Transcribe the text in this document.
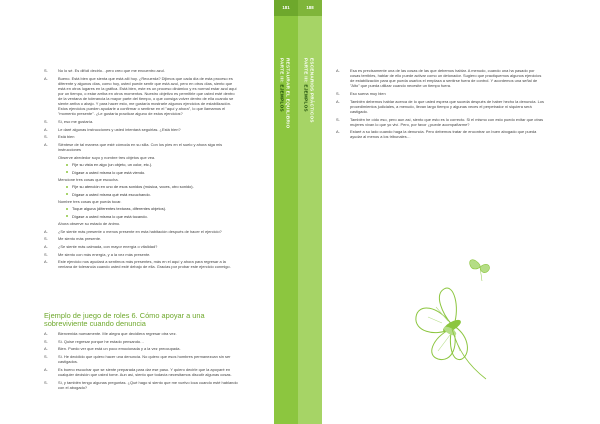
S.	No lo sé. Es difícil decirlo…pero creo que me encuentro azul.
A.	Bueno. Está bien que sienta que está allí hoy. ¿Recuerda? Dijimos que cada día de esta proceso es diferente y algunos días, como hoy, usted puede sentir que está azul, pero en otros días, siento que está en otros lugares en la gráfica. Está bien, este es un proceso dinámico y es normal estar azul aquí por un tiempo, o estar arriba en otros momentos. Nuestro objetivo es permitirle que usted esté dentro de la ventana de tolerancia la mayor parte del tiempo, o que consiga volver dentro de ella cuando se siente arriba o abajo. Y para hacer esto, me gustaría mostrarle algunos ejercicios de estabilización. Estos ejercicios pueden ayudarle a confirmar o sentirse en el "aquí y ahora", lo que llamamos el "momento presente". ¿Le gustaría practicar alguno de estos ejercicios?
S.	Sí, eso me gustaría.
A.	Le daré algunas instrucciones y usted intentará seguirlas. ¿Está bien?
S.	Está bien
A.	Siéntese de tal manera que esté cómoda en su silla. Con los pies en el suelo y ahora siga mis instrucciones
Observe alrededor suyo y nombre tres objetos que vea.
Fije su vista en algo (un objeto, un color, etc.).
Dígase a usted misma lo que está viendo.
Mencione tres cosas que escucha.
Fije su atención en uno de esos sonidos (música, voces, otro sonido).
Dígase a usted misma qué está escuchando.
Nombre tres cosas que pueda tocar.
Toque alguna (diferentes texturas, diferentes objetos).
Dígase a usted misma lo que está tocando.
Ahora observe su estado de ánimo.
A.	¿Se siente más presente o menos presente en esta habitación después de hacer el ejercicio?
S.	Me siento más presente.
A.	¿Se siente más calmada, con mayor energía o vitalidad?
S.	Me siento con más energía, y a la vez más presente.
A.	Este ejercicio nos ayudará a sentirnos más presentes, más en el aquí y ahora para regresar a la ventana de tolerancia cuando usted esté debajo de ella. Gracias por probar este ejercicio conmigo.
Ejemplo de juego de roles 6. Cómo apoyar a una sobreviviente cuando denuncia
A.	Bienvenida nuevamente. Me alegra que decidiera regresar otra vez.
S.	Sí. Quise regresar porque he estado pensando…
A.	Bien. Puedo ver que está un poco emocionada y a la vez preocupada.
S.	Sí. He decidido que quiero hacer una denuncia. No quiero que esos hombres permanezcan sin ser castigados.
A.	Es bueno escuchar que se siente preparada para dar ese paso. Y quiero decirle que la apoyaré en cualquier decisión que usted tome. Aun así, siento que todavía necesitamos discutir algunas cosas.
S.	Sí, y también tengo algunas preguntas. ¿Qué hago si siento que me vuelvo loca cuando esté hablando con el abogado?
181
RESTAURAR EL EQUILIBRIO
PARTE III: EJEMPLOS
188
ESCENARIOS PRÁCTICOS
PARTE III: EJEMPLOS
A.	Esa es precisamente una de las cosas de las que debemos hablar. A menudo, cuando una ha pasado por cosas terribles, hablar de ello puede activar como un detonador. Sugiero que practiquemos algunos ejercicios de estabilización para que pueda usarlos el emplaza a sentirse fuera de control. Y acordemos una señal de "Alto" que pueda utilizar cuando necesite un tiempo fuera.
S.	Eso suena muy bien
A.	También debemos hablar acerca de lo que usted espera que suceda después de haber hecho la denuncia. Los procedimientos judiciales, a menudo, llevan largo tiempo y algunas veces el perpetrador ni siquiera será castigado.
S.	También he oído eso, pero aun así, siento que esto es lo correcto. Si el mismo con esto puedo evitar que otras mujeres vivan lo que yo viví. Pero, por favor ¿puede acompañarme?
A.	Estaré a su lado cuando haga la denuncia. Pero debemos tratar de encontrar un buen abogado que pueda ayudar al menos a los tribunales…
